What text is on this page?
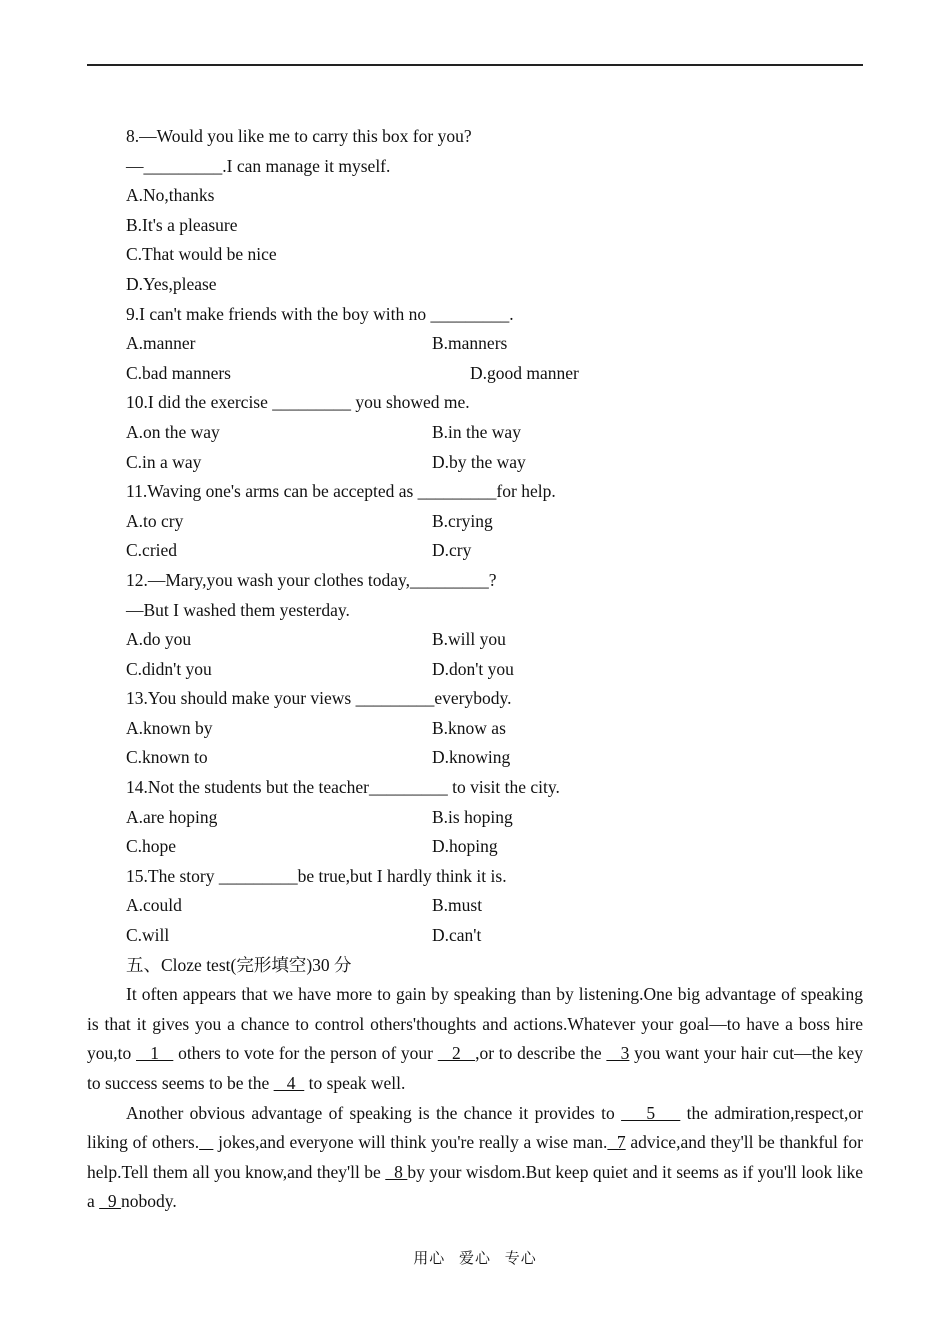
8.—Would you like me to carry this box for you?
—_________.I can manage it myself.
A.No,thanks
B.It's a pleasure
C.That would be nice
D.Yes,please
9.I can't make friends with the boy with no _________.
A.manner	B.manners
C.bad manners	D.good manner
10.I did the exercise _________ you showed me.
A.on the way	B.in the way
C.in a way	D.by the way
11.Waving one's arms can be accepted as _________for help.
A.to cry	B.crying
C.cried	D.cry
12.—Mary,you wash your clothes today,_________?
—But I washed them yesterday.
A.do you	B.will you
C.didn't you	D.don't you
13.You should make your views _________everybody.
A.known by	B.know as
C.known to	D.knowing
14.Not the students but the teacher_________ to visit the city.
A.are hoping	B.is hoping
C.hope	D.hoping
15.The story _________be true,but I hardly think it is.
A.could	B.must
C.will	D.can't
五、Cloze test(完形填空)30 分

It often appears that we have more to gain by speaking than by listening.One big advantage of speaking is that it gives you a chance to control others'thoughts and actions.Whatever your goal—to have a boss hire you,to    1    others to vote for the person of your    2   ,or to describe the    3 you want your hair cut—the key to success seems to be the    4   to speak well.

Another obvious advantage of speaking is the chance it provides to     5     the admiration,respect,or liking of others.    jokes,and everyone will think you're really a wise man.  7 advice,and they'll be thankful for help.Tell them all you know,and they'll be   8 by your wisdom.But keep quiet and it seems as if you'll look like a   9 nobody.

用心 爱心 专心
